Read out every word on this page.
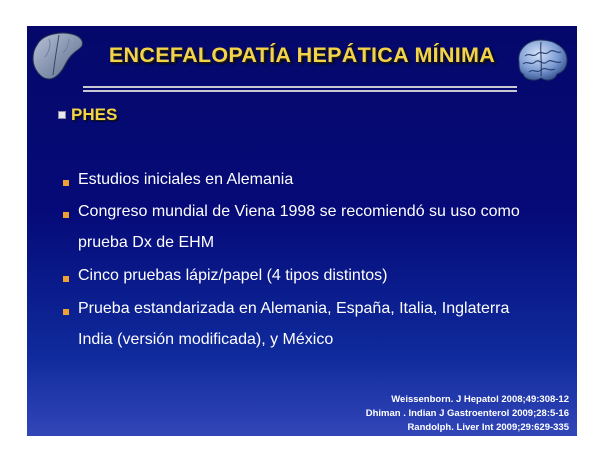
ENCEFALOPATÍA HEPÁTICA MÍNIMA
PHES
Estudios iniciales en Alemania
Congreso mundial de Viena 1998 se recomiendó su uso como prueba Dx de EHM
Cinco pruebas lápiz/papel (4 tipos distintos)
Prueba estandarizada en Alemania, España, Italia, Inglaterra India (versión modificada), y México
Weissenborn. J Hepatol 2008;49:308-12
Dhiman . Indian J Gastroenterol 2009;28:5-16
Randolph. Liver Int 2009;29:629-335
